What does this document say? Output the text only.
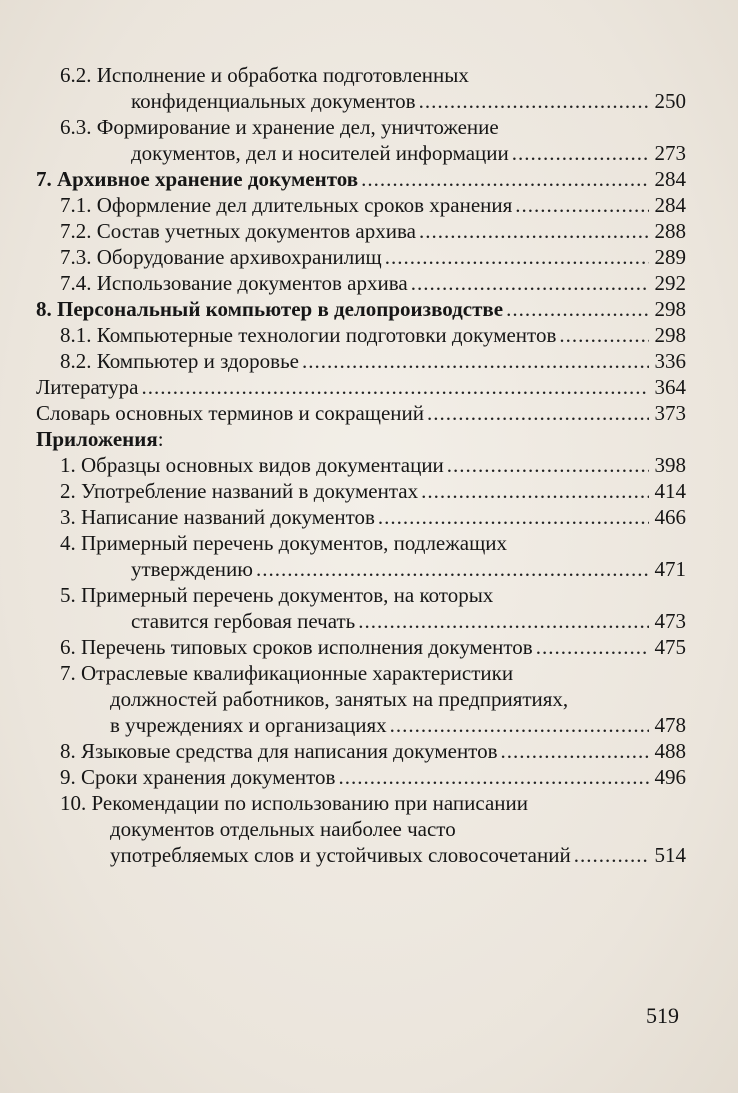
6.2. Исполнение и обработка подготовленных
конфиденциальных документов .....	250
6.3. Формирование и хранение дел, уничтожение
документов, дел и носителей информации .....	273
7. Архивное хранение документов .....	284
7.1. Оформление дел длительных сроков хранения .....	284
7.2. Состав учетных документов архива .....	288
7.3. Оборудование архивохранилищ .....	289
7.4. Использование документов архива .....	292
8. Персональный компьютер в делопроизводстве .....	298
8.1. Компьютерные технологии подготовки документов .....	298
8.2. Компьютер и здоровье .....	336
Литература .....	364
Словарь основных терминов и сокращений .....	373
Приложения:
1. Образцы основных видов документации .....	398
2. Употребление названий в документах .....	414
3. Написание названий документов .....	466
4. Примерный перечень документов, подлежащих
утверждению .....	471
5. Примерный перечень документов, на которых
ставится гербовая печать .....	473
6. Перечень типовых сроков исполнения документов .....	475
7. Отраслевые квалификационные характеристики
должностей работников, занятых на предприятиях,
в учреждениях и организациях .....	478
8. Языковые средства для написания документов .....	488
9. Сроки хранения документов .....	496
10. Рекомендации по использованию при написании
документов отдельных наиболее часто
употребляемых слов и устойчивых словосочетаний .....	514
519
